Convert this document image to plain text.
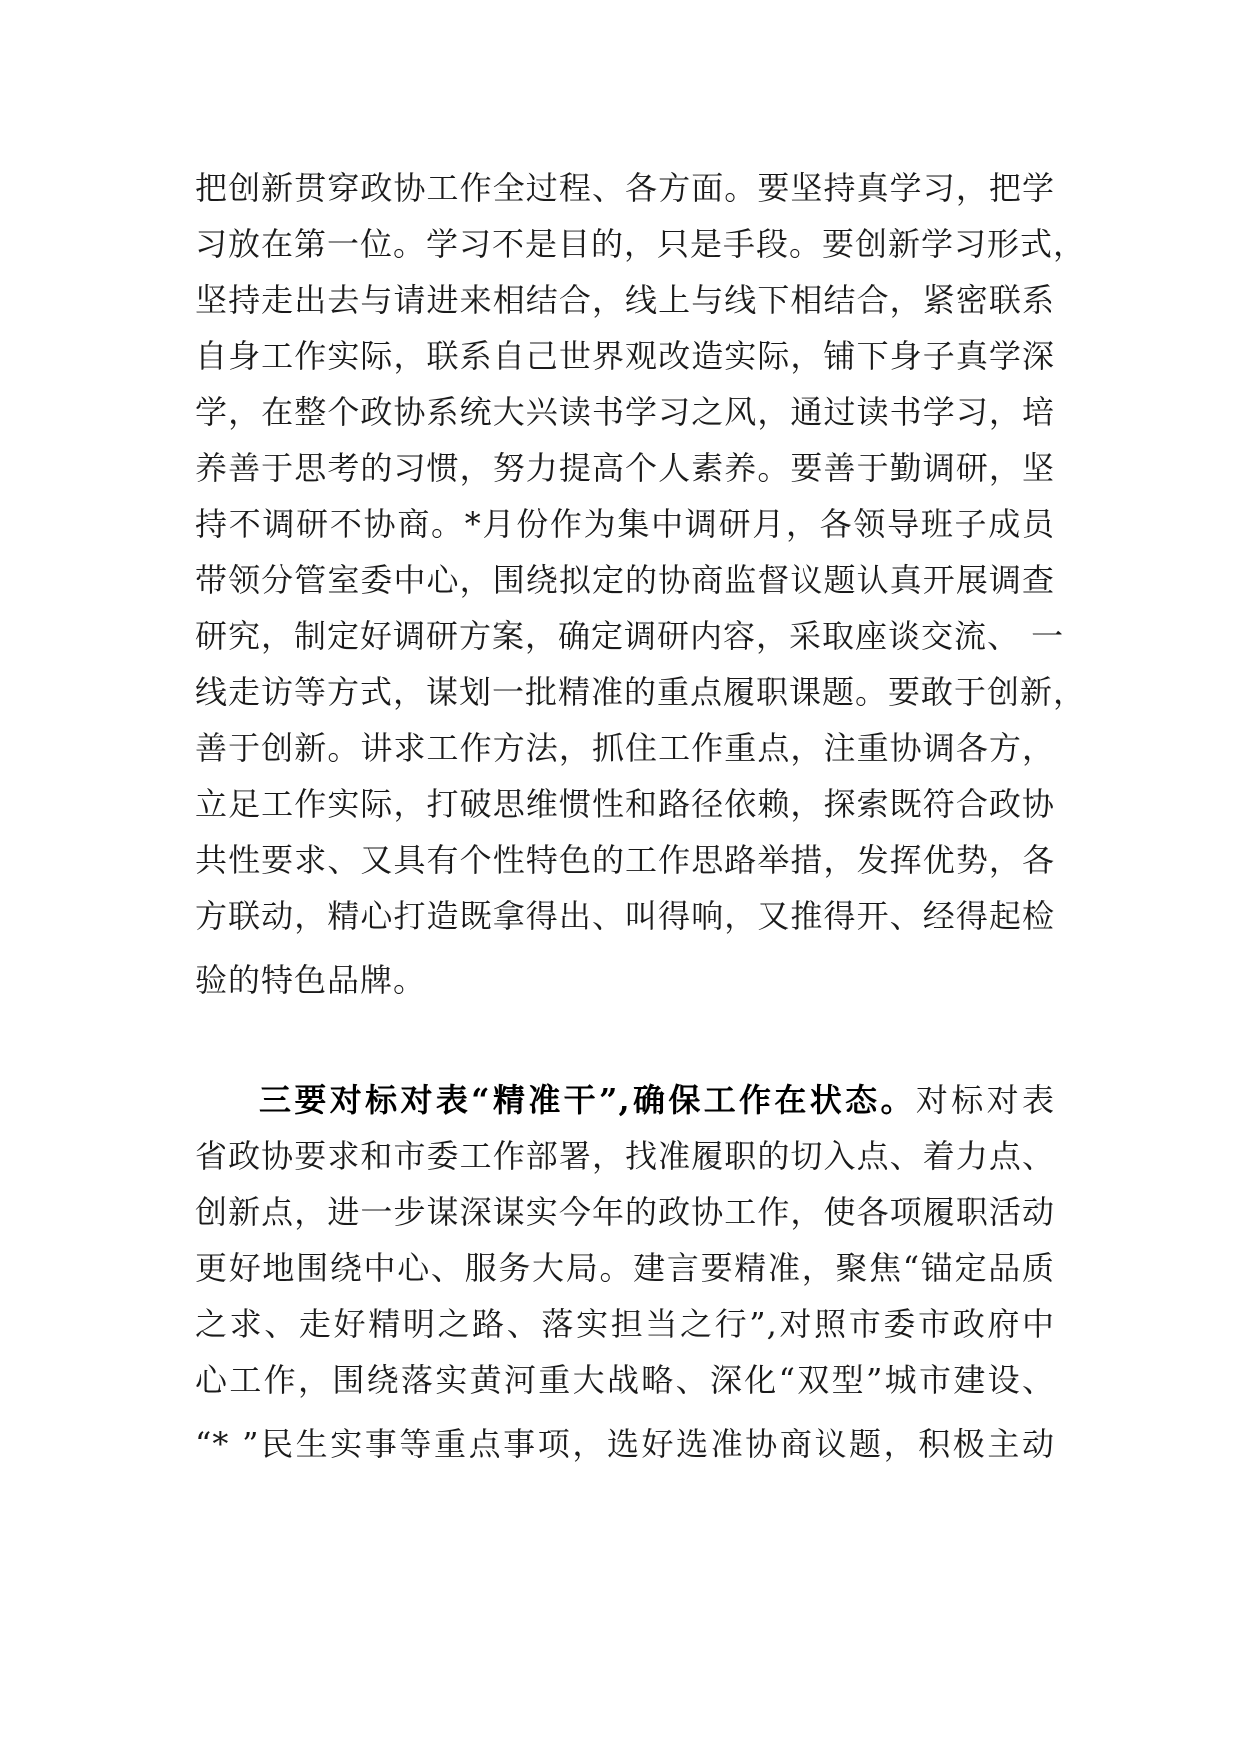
把创新贯穿政协工作全过程、各方面。要坚持真学习，把学
习放在第一位。学习不是目的，只是手段。要创新学习形式，
坚持走出去与请进来相结合，线上与线下相结合，紧密联系
自身工作实际，联系自己世界观改造实际，铺下身子真学深
学，在整个政协系统大兴读书学习之风，通过读书学习，培
养善于思考的习惯，努力提高个人素养。要善于勤调研，坚
持不调研不协商。*月份作为集中调研月，各领导班子成员
带领分管室委中心，围绕拟定的协商监督议题认真开展调查
研究，制定好调研方案，确定调研内容，采取座谈交流、 一
线走访等方式，谋划一批精准的重点履职课题。要敢于创新，
善于创新。讲求工作方法，抓住工作重点，注重协调各方，
立足工作实际，打破思维惯性和路径依赖，探索既符合政协
共性要求、又具有个性特色的工作思路举措，发挥优势，各
方联动，精心打造既拿得出、叫得响，又推得开、经得起检
验的特色品牌。
三要对标对表“精准干”,确保工作在状态。对标对表
省政协要求和市委工作部署，找准履职的切入点、着力点、
创新点，进一步谋深谋实今年的政协工作，使各项履职活动
更好地围绕中心、服务大局。建言要精准，聚焦“锚定品质
之求、走好精明之路、落实担当之行”,对照市委市政府中
心工作，围绕落实黄河重大战略、深化“双型”城市建设、
“* ”民生实事等重点事项，选好选准协商议题，积极主动
